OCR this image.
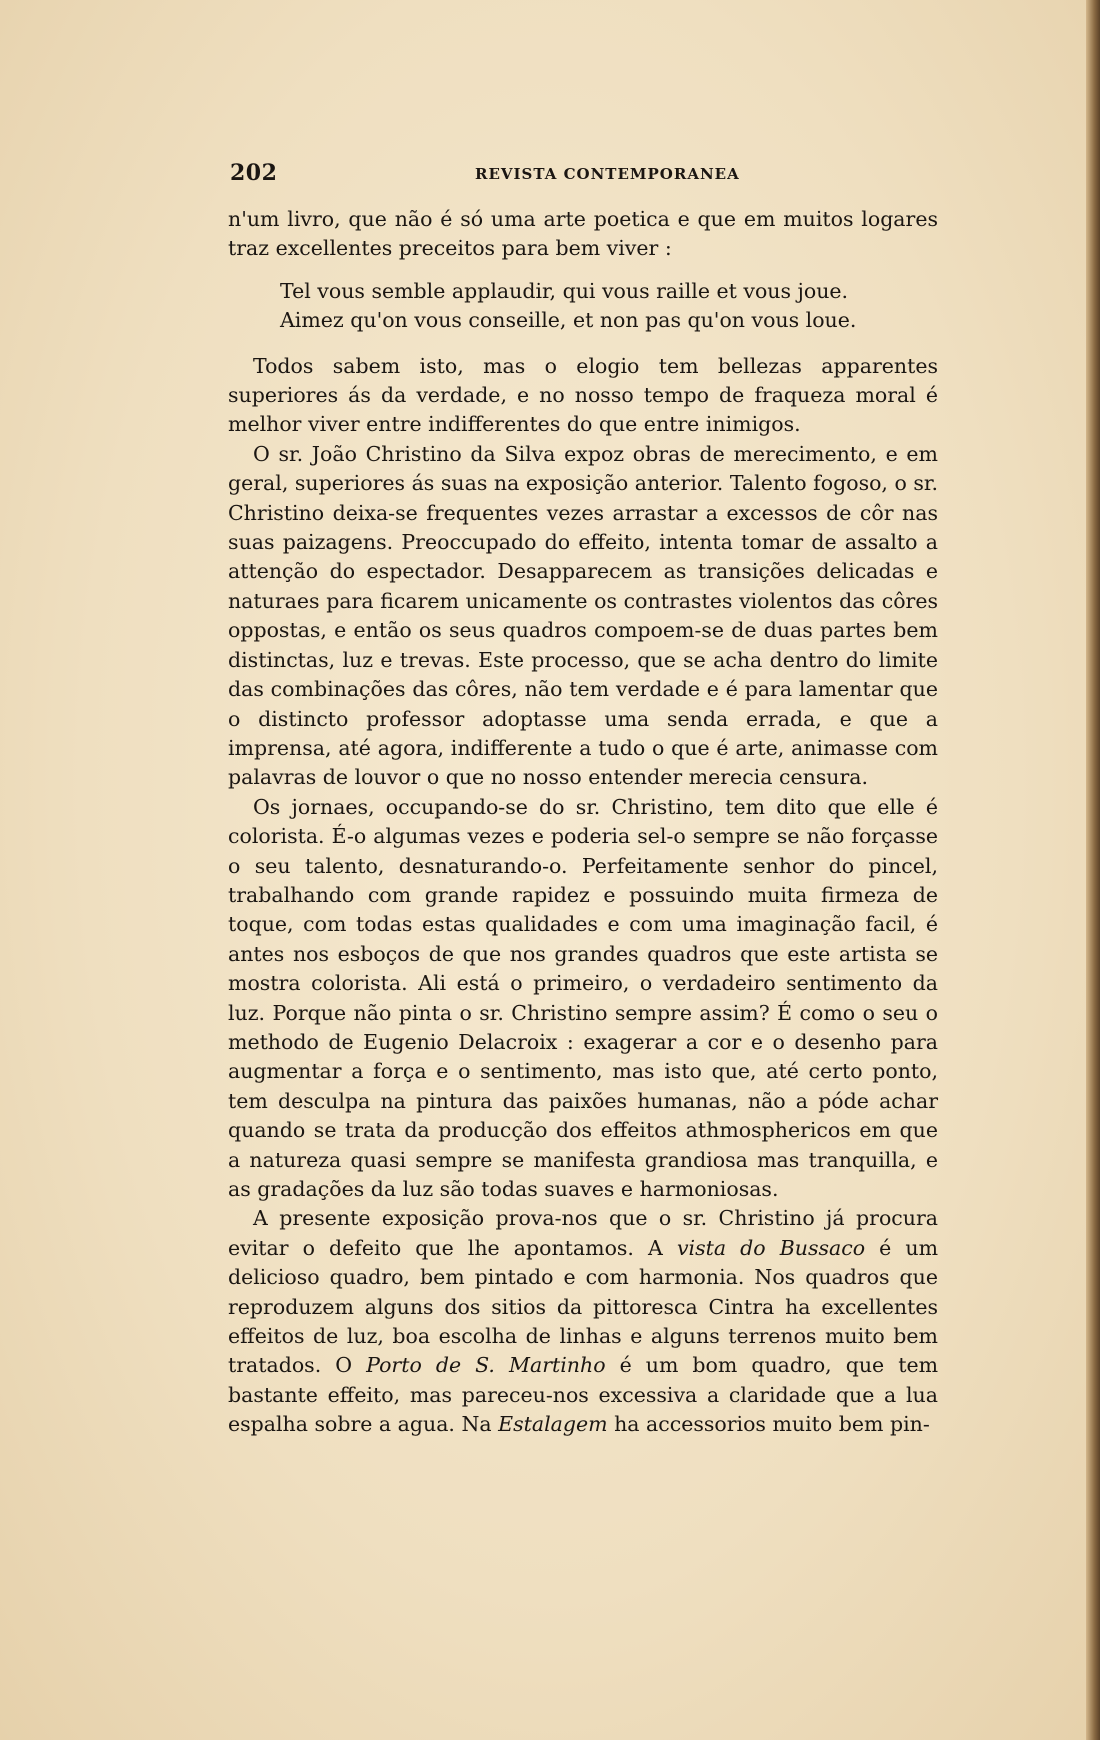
202	REVISTA CONTEMPORANEA

n'um livro, que não é só uma arte poetica e que em muitos logares traz excellentes preceitos para bem viver :

Tel vous semble applaudir, qui vous raille et vous joue.
Aimez qu'on vous conseille, et non pas qu'on vous loue.

Todos sabem isto, mas o elogio tem bellezas apparentes superiores ás da verdade, e no nosso tempo de fraqueza moral é melhor viver entre indifferentes do que entre inimigos.

O sr. João Christino da Silva expoz obras de merecimento, e em geral, superiores ás suas na exposição anterior. Talento fogoso, o sr. Christino deixa-se frequentes vezes arrastar a excessos de côr nas suas paizagens. Preoccupado do effeito, intenta tomar de assalto a attenção do espectador. Desapparecem as transições delicadas e naturaes para ficarem unicamente os contrastes violentos das côres oppostas, e então os seus quadros compoem-se de duas partes bem distinctas, luz e trevas. Este processo, que se acha dentro do limite das combinações das côres, não tem verdade e é para lamentar que o distincto professor adoptasse uma senda errada, e que a imprensa, até agora, indifferente a tudo o que é arte, animasse com palavras de louvor o que no nosso entender merecia censura.

Os jornaes, occupando-se do sr. Christino, tem dito que elle é colorista. É-o algumas vezes e poderia sel-o sempre se não forçasse o seu talento, desnaturando-o. Perfeitamente senhor do pincel, trabalhando com grande rapidez e possuindo muita firmeza de toque, com todas estas qualidades e com uma imaginação facil, é antes nos esboços de que nos grandes quadros que este artista se mostra colorista. Ali está o primeiro, o verdadeiro sentimento da luz. Porque não pinta o sr. Christino sempre assim? É como o seu o methodo de Eugenio Delacroix : exagerar a cor e o desenho para augmentar a força e o sentimento, mas isto que, até certo ponto, tem desculpa na pintura das paixões humanas, não a póde achar quando se trata da producção dos effeitos athmosphericos em que a natureza quasi sempre se manifesta grandiosa mas tranquilla, e as gradações da luz são todas suaves e harmoniosas.

A presente exposição prova-nos que o sr. Christino já procura evitar o defeito que lhe apontamos. A vista do Bussaco é um delicioso quadro, bem pintado e com harmonia. Nos quadros que reproduzem alguns dos sitios da pittoresca Cintra ha excellentes effeitos de luz, boa escolha de linhas e alguns terrenos muito bem tratados. O Porto de S. Martinho é um bom quadro, que tem bastante effeito, mas pareceu-nos excessiva a claridade que a lua espalha sobre a agua. Na Estalagem ha accessorios muito bem pin-
